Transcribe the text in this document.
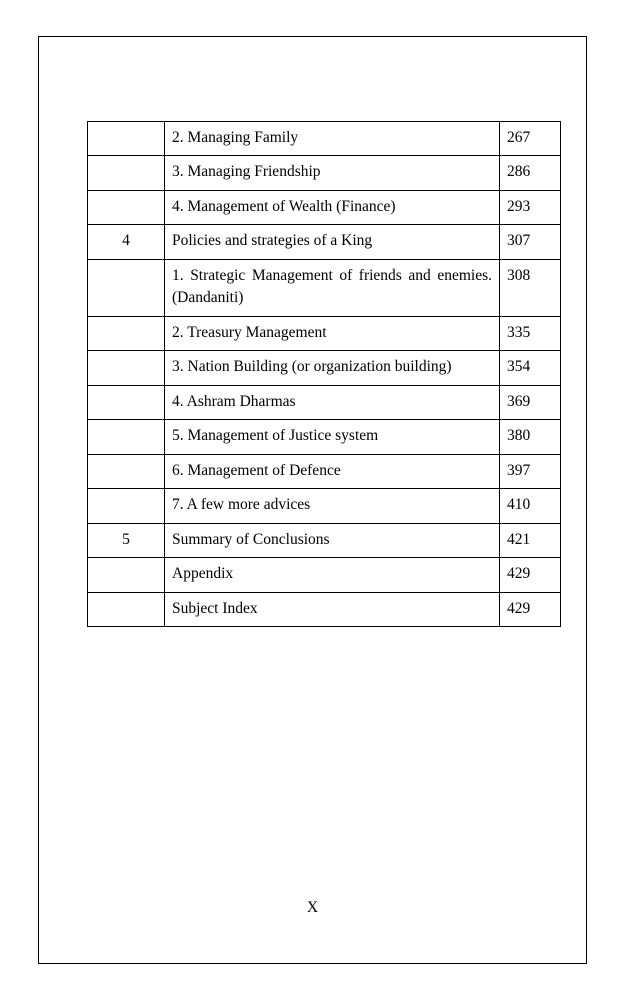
	2. Managing Family	267
	3. Managing Friendship	286
	4. Management of Wealth (Finance)	293
4	Policies and strategies of a King	307
	1. Strategic Management of friends and enemies. (Dandaniti)	308
	2. Treasury Management	335
	3. Nation Building (or organization building)	354
	4. Ashram Dharmas	369
	5. Management of Justice system	380
	6. Management of Defence	397
	7. A few more advices	410
5	Summary of Conclusions	421
	Appendix	429
	Subject Index	429
X
